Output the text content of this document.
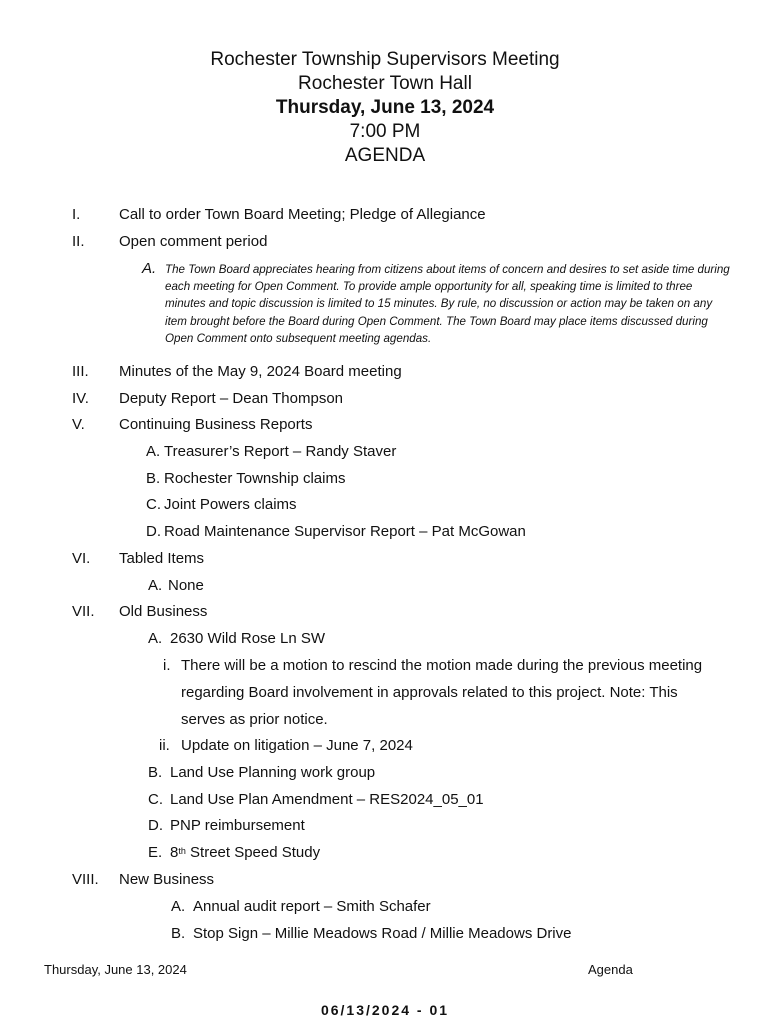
Rochester Township Supervisors Meeting
Rochester Town Hall
Thursday, June 13, 2024
7:00 PM
AGENDA
I.	Call to order Town Board Meeting; Pledge of Allegiance
II. Open comment period
A. The Town Board appreciates hearing from citizens about items of concern and desires to set aside time during each meeting for Open Comment. To provide ample opportunity for all, speaking time is limited to three minutes and topic discussion is limited to 15 minutes. By rule, no discussion or action may be taken on any item brought before the Board during Open Comment. The Town Board may place items discussed during Open Comment onto subsequent meeting agendas.
III. Minutes of the May 9, 2024 Board meeting
IV. Deputy Report – Dean Thompson
V. Continuing Business Reports
A. Treasurer’s Report – Randy Staver
B. Rochester Township claims
C. Joint Powers claims
D. Road Maintenance Supervisor Report – Pat McGowan
VI. Tabled Items
A. None
VII. Old Business
A. 2630 Wild Rose Ln SW
i. There will be a motion to rescind the motion made during the previous meeting
regarding Board involvement in approvals related to this project. Note: This
serves as prior notice.
ii. Update on litigation – June 7, 2024
B. Land Use Planning work group
C. Land Use Plan Amendment – RES2024_05_01
D. PNP reimbursement
E. 8th Street Speed Study
VIII. New Business
A. Annual audit report – Smith Schafer
B. Stop Sign – Millie Meadows Road / Millie Meadows Drive
Thursday, June 13, 2024	Agenda
06/13/2024 - 01
